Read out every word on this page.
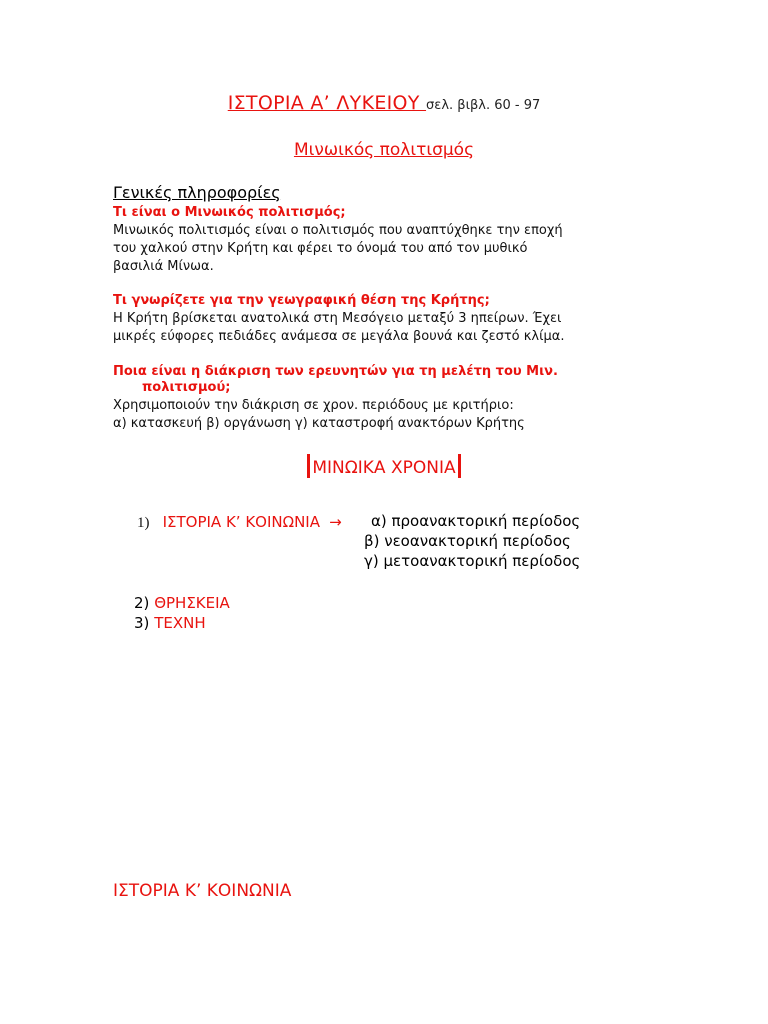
ΙΣΤΟΡΙΑ Α’ ΛΥΚΕΙΟΥ σελ. βιβλ. 60 - 97
Μινωικός πολιτισμός
Γενικές πληροφορίες
Τι είναι ο Μινωικός πολιτισμός;
Μινωικός πολιτισμός είναι ο πολιτισμός που αναπτύχθηκε την εποχή
του χαλκού στην Κρήτη και φέρει το όνομά του από τον μυθικό
βασιλιά Μίνωα.
Τι γνωρίζετε για την γεωγραφική θέση της Κρήτης;
Η Κρήτη βρίσκεται ανατολικά στη Μεσόγειο μεταξύ 3 ηπείρων. Έχει
μικρές εύφορες πεδιάδες ανάμεσα σε μεγάλα βουνά και ζεστό κλίμα.
Ποια είναι η διάκριση των ερευνητών για τη μελέτη του Μιν.
πολιτισμού;
Χρησιμοποιούν την διάκριση σε χρον. περιόδους με κριτήριο:
α) κατασκευή β) οργάνωση γ) καταστροφή ανακτόρων Κρήτης
ΜΙΝΩΙΚΑ ΧΡΟΝΙΑ
1) ΙΣΤΟΡΙΑ Κ’ ΚΟΙΝΩΝΙΑ → α) προανακτορική περίοδος
β) νεοανακτορική περίοδος
γ) μετοανακτορική περίοδος
2) ΘΡΗΣΚΕΙΑ
3) ΤΕΧΝΗ
ΙΣΤΟΡΙΑ Κ’ ΚΟΙΝΩΝΙΑ
